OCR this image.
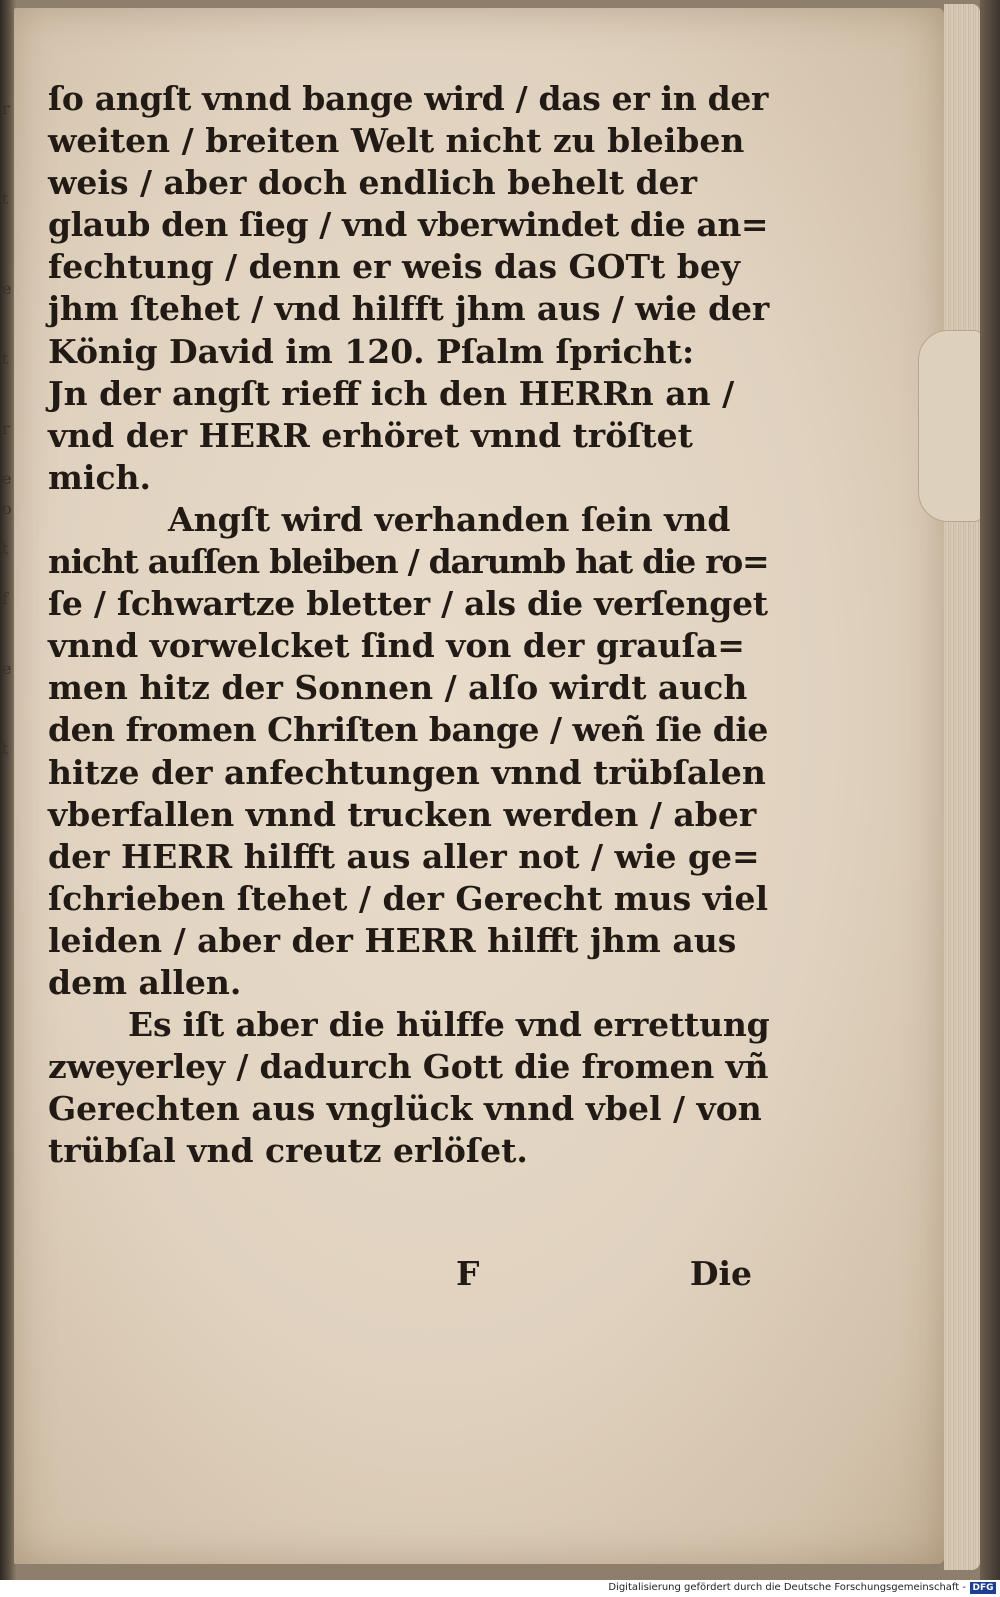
r
t
e
t
r
e
o
t
f
e
t
ſo angſt vnnd bange wird / das er in der
weiten / breiten Welt nicht zu bleiben
weis / aber doch endlich behelt der
glaub den ſieg / vnd vberwindet die an=
fechtung / denn er weis das GOTt bey
jhm ſtehet / vnd hilfft jhm aus / wie der
König David im 120. Pſalm ſpricht:
Jn der angſt rieff ich den HERRn an /
vnd der HERR erhöret vnnd tröſtet
mich.
Angſt wird verhanden ſein vnd
nicht auſſen bleiben / darumb hat die ro=
ſe / ſchwartze bletter / als die verſenget
vnnd vorwelcket ſind von der grauſa=
men hitz der Sonnen / alſo wirdt auch
den fromen Chriſten bange / weñ ſie die
hitze der anfechtungen vnnd trübſalen
vberfallen vnnd trucken werden / aber
der HERR hilfft aus aller not / wie ge=
ſchrieben ſtehet / der Gerecht mus viel
leiden / aber der HERR hilfft jhm aus
dem allen.
Es iſt aber die hülffe vnd errettung
zweyerley / dadurch Gott die fromen vñ
Gerechten aus vnglück vnnd vbel / von
trübſal vnd creutz erlöſet.
F	Die
Digitalisierung gefördert durch die Deutsche Forschungsgemeinschaft - DFG
